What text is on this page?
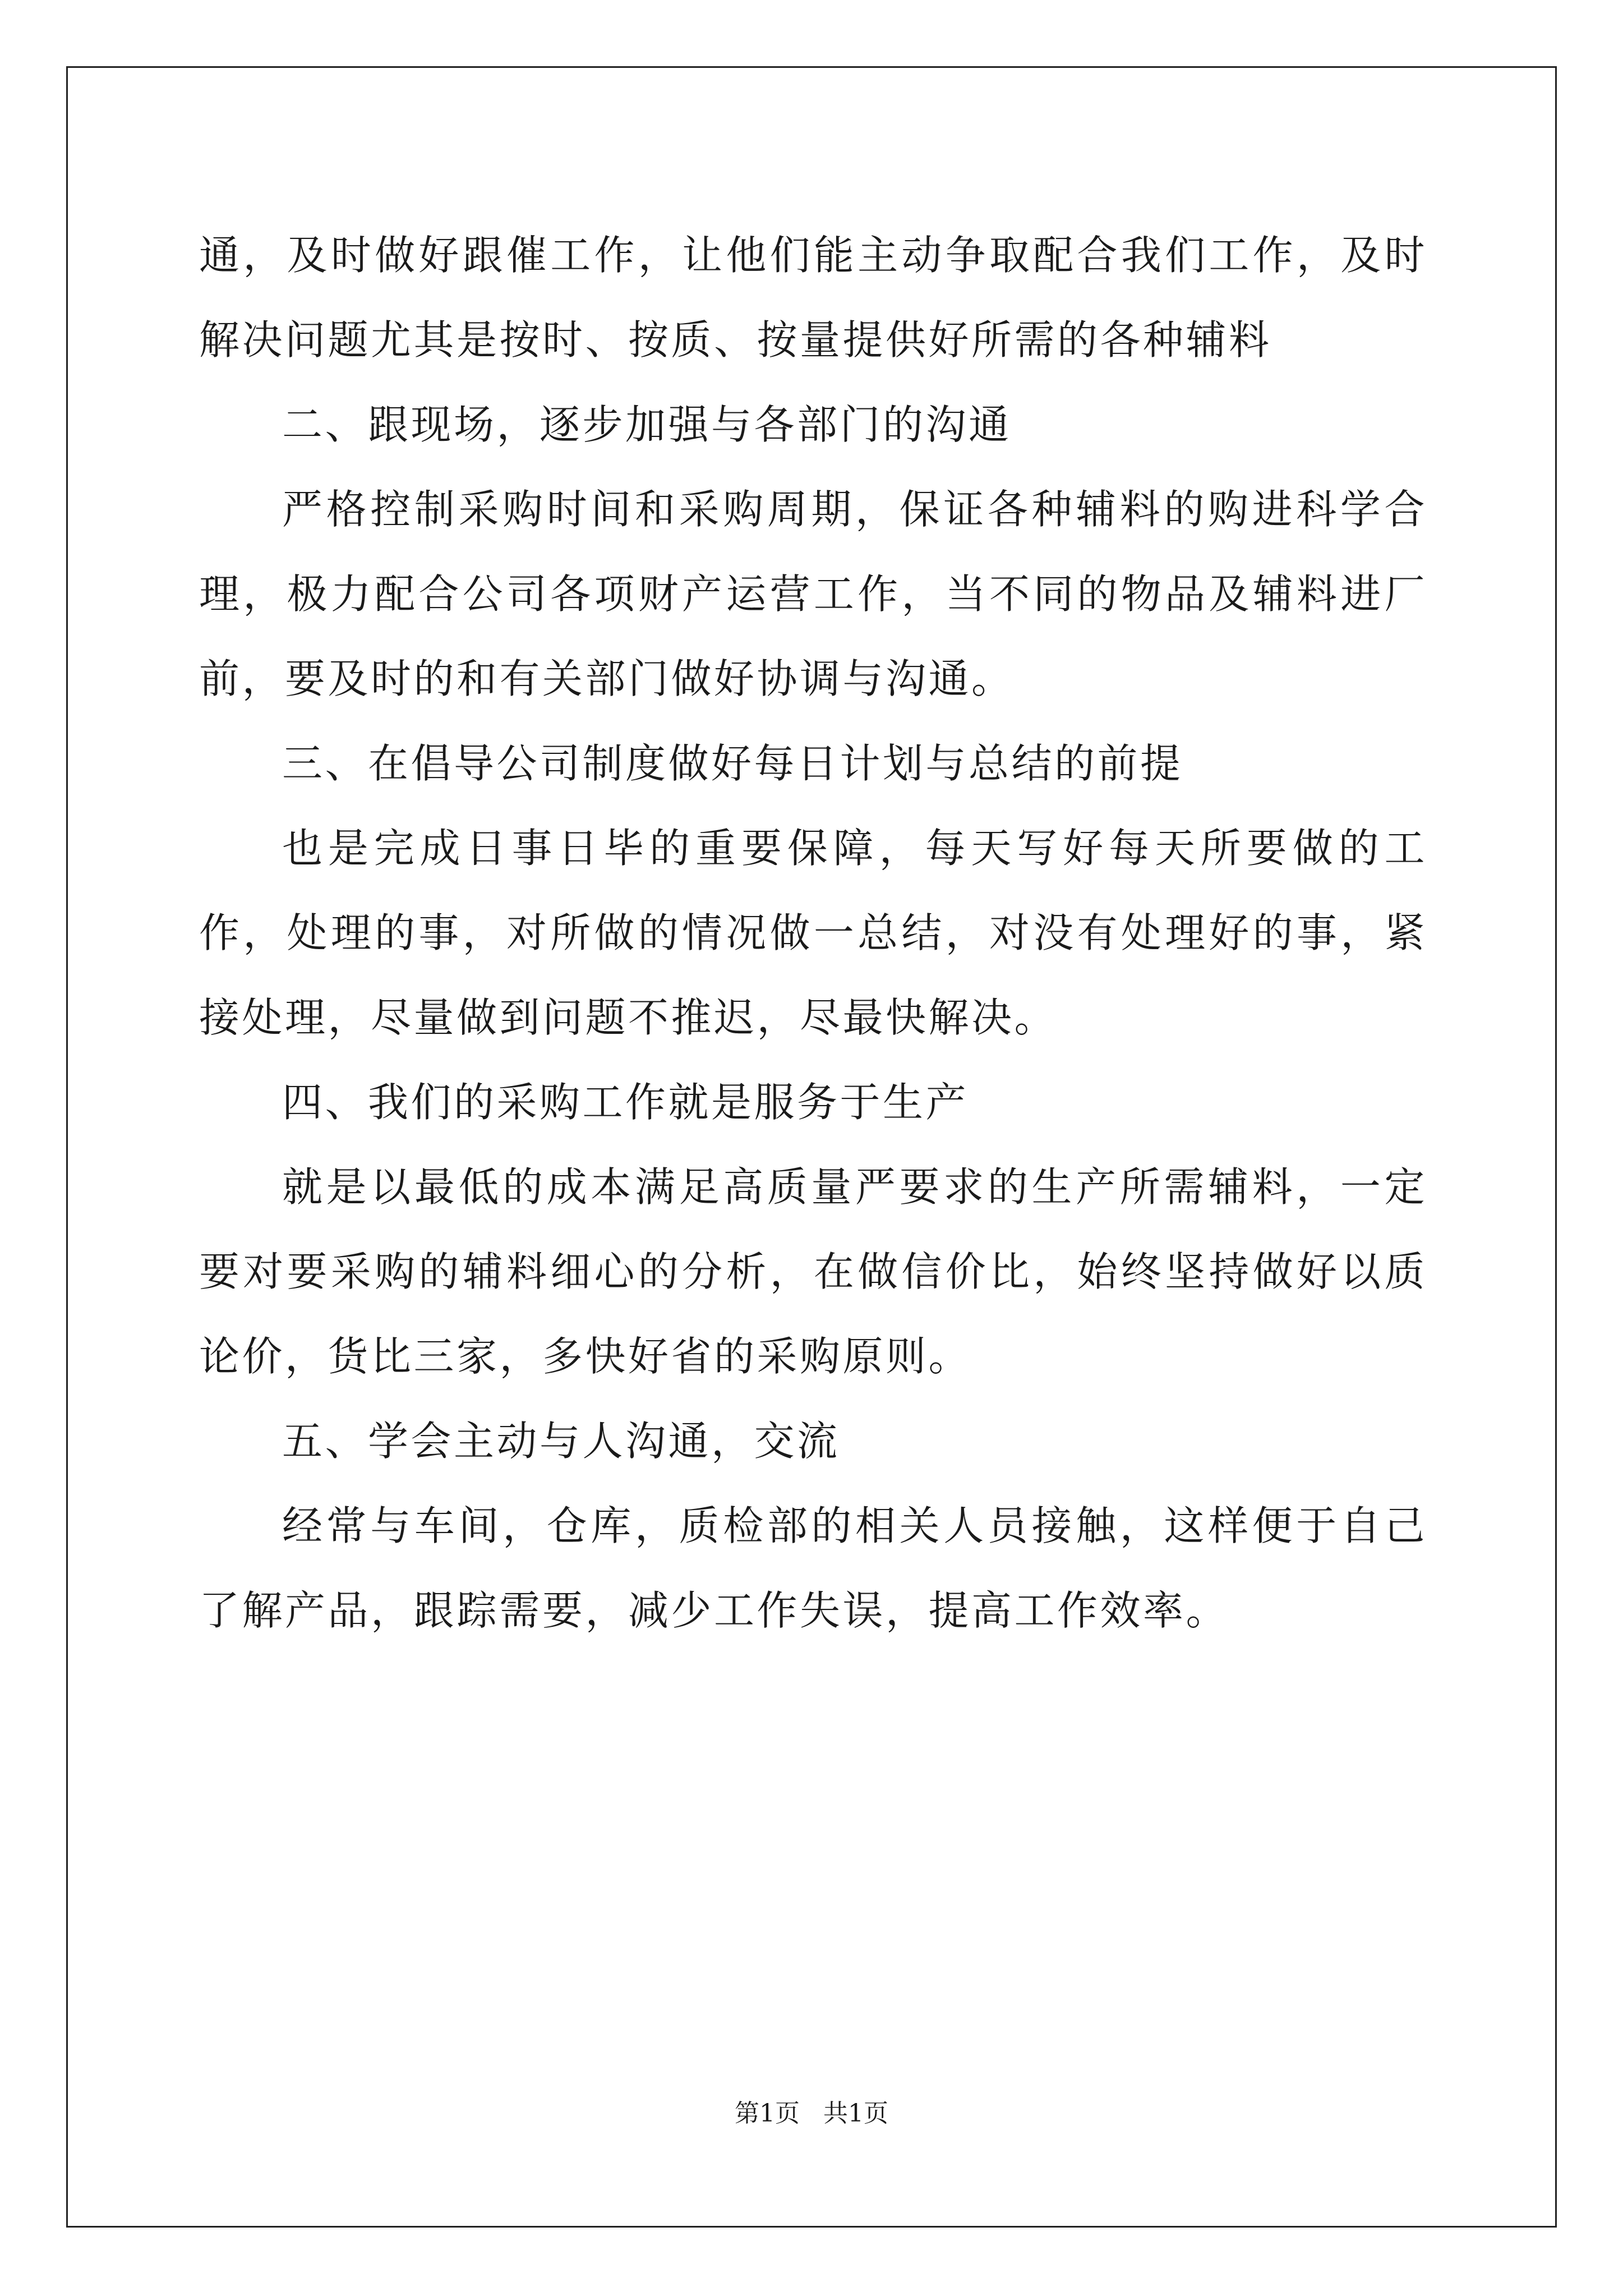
通，及时做好跟催工作，让他们能主动争取配合我们工作，及时解决问题尤其是按时、按质、按量提供好所需的各种辅料

二、跟现场，逐步加强与各部门的沟通

严格控制采购时间和采购周期，保证各种辅料的购进科学合理，极力配合公司各项财产运营工作，当不同的物品及辅料进厂前，要及时的和有关部门做好协调与沟通。

三、在倡导公司制度做好每日计划与总结的前提

也是完成日事日毕的重要保障，每天写好每天所要做的工作，处理的事，对所做的情况做一总结，对没有处理好的事，紧接处理，尽量做到问题不推迟，尽最快解决。

四、我们的采购工作就是服务于生产

就是以最低的成本满足高质量严要求的生产所需辅料，一定要对要采购的辅料细心的分析，在做信价比，始终坚持做好以质论价，货比三家，多快好省的采购原则。

五、学会主动与人沟通，交流

经常与车间，仓库，质检部的相关人员接触，这样便于自己了解产品，跟踪需要，减少工作失误，提高工作效率。

第1页   共1页
